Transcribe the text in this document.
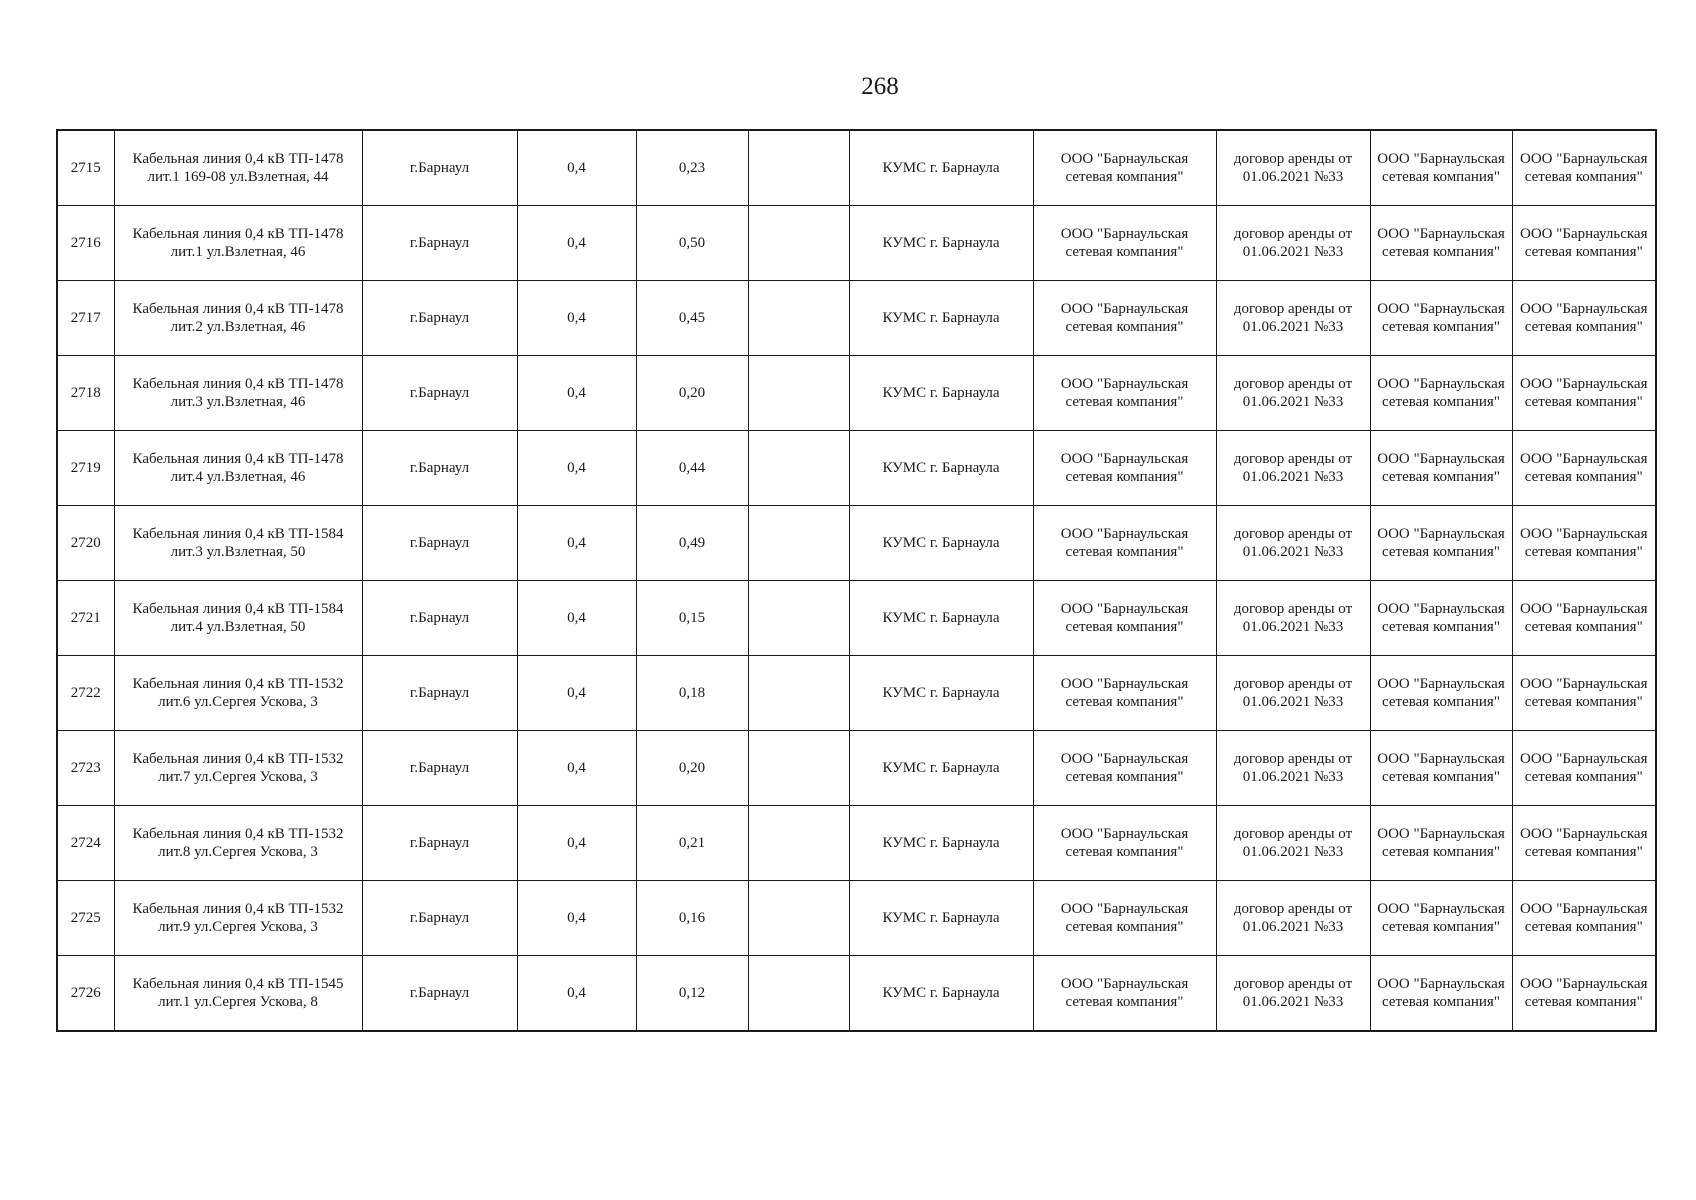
268
2715	Кабельная линия 0,4 кВ ТП-1478 лит.1 169-08 ул.Взлетная, 44	г.Барнаул	0,4	0,23		КУМС г. Барнаула	ООО "Барнаульская сетевая компания"	договор аренды от 01.06.2021 №33	ООО "Барнаульская сетевая компания"	ООО "Барнаульская сетевая компания"
2716	Кабельная линия 0,4 кВ ТП-1478 лит.1 ул.Взлетная, 46	г.Барнаул	0,4	0,50		КУМС г. Барнаула	ООО "Барнаульская сетевая компания"	договор аренды от 01.06.2021 №33	ООО "Барнаульская сетевая компания"	ООО "Барнаульская сетевая компания"
2717	Кабельная линия 0,4 кВ ТП-1478 лит.2 ул.Взлетная, 46	г.Барнаул	0,4	0,45		КУМС г. Барнаула	ООО "Барнаульская сетевая компания"	договор аренды от 01.06.2021 №33	ООО "Барнаульская сетевая компания"	ООО "Барнаульская сетевая компания"
2718	Кабельная линия 0,4 кВ ТП-1478 лит.3 ул.Взлетная, 46	г.Барнаул	0,4	0,20		КУМС г. Барнаула	ООО "Барнаульская сетевая компания"	договор аренды от 01.06.2021 №33	ООО "Барнаульская сетевая компания"	ООО "Барнаульская сетевая компания"
2719	Кабельная линия 0,4 кВ ТП-1478 лит.4 ул.Взлетная, 46	г.Барнаул	0,4	0,44		КУМС г. Барнаула	ООО "Барнаульская сетевая компания"	договор аренды от 01.06.2021 №33	ООО "Барнаульская сетевая компания"	ООО "Барнаульская сетевая компания"
2720	Кабельная линия 0,4 кВ ТП-1584 лит.3 ул.Взлетная, 50	г.Барнаул	0,4	0,49		КУМС г. Барнаула	ООО "Барнаульская сетевая компания"	договор аренды от 01.06.2021 №33	ООО "Барнаульская сетевая компания"	ООО "Барнаульская сетевая компания"
2721	Кабельная линия 0,4 кВ ТП-1584 лит.4 ул.Взлетная, 50	г.Барнаул	0,4	0,15		КУМС г. Барнаула	ООО "Барнаульская сетевая компания"	договор аренды от 01.06.2021 №33	ООО "Барнаульская сетевая компания"	ООО "Барнаульская сетевая компания"
2722	Кабельная линия 0,4 кВ ТП-1532 лит.6 ул.Сергея Ускова, 3	г.Барнаул	0,4	0,18		КУМС г. Барнаула	ООО "Барнаульская сетевая компания"	договор аренды от 01.06.2021 №33	ООО "Барнаульская сетевая компания"	ООО "Барнаульская сетевая компания"
2723	Кабельная линия 0,4 кВ ТП-1532 лит.7 ул.Сергея Ускова, 3	г.Барнаул	0,4	0,20		КУМС г. Барнаула	ООО "Барнаульская сетевая компания"	договор аренды от 01.06.2021 №33	ООО "Барнаульская сетевая компания"	ООО "Барнаульская сетевая компания"
2724	Кабельная линия 0,4 кВ ТП-1532 лит.8 ул.Сергея Ускова, 3	г.Барнаул	0,4	0,21		КУМС г. Барнаула	ООО "Барнаульская сетевая компания"	договор аренды от 01.06.2021 №33	ООО "Барнаульская сетевая компания"	ООО "Барнаульская сетевая компания"
2725	Кабельная линия 0,4 кВ ТП-1532 лит.9 ул.Сергея Ускова, 3	г.Барнаул	0,4	0,16		КУМС г. Барнаула	ООО "Барнаульская сетевая компания"	договор аренды от 01.06.2021 №33	ООО "Барнаульская сетевая компания"	ООО "Барнаульская сетевая компания"
2726	Кабельная линия 0,4 кВ ТП-1545 лит.1 ул.Сергея Ускова, 8	г.Барнаул	0,4	0,12		КУМС г. Барнаула	ООО "Барнаульская сетевая компания"	договор аренды от 01.06.2021 №33	ООО "Барнаульская сетевая компания"	ООО "Барнаульская сетевая компания"
